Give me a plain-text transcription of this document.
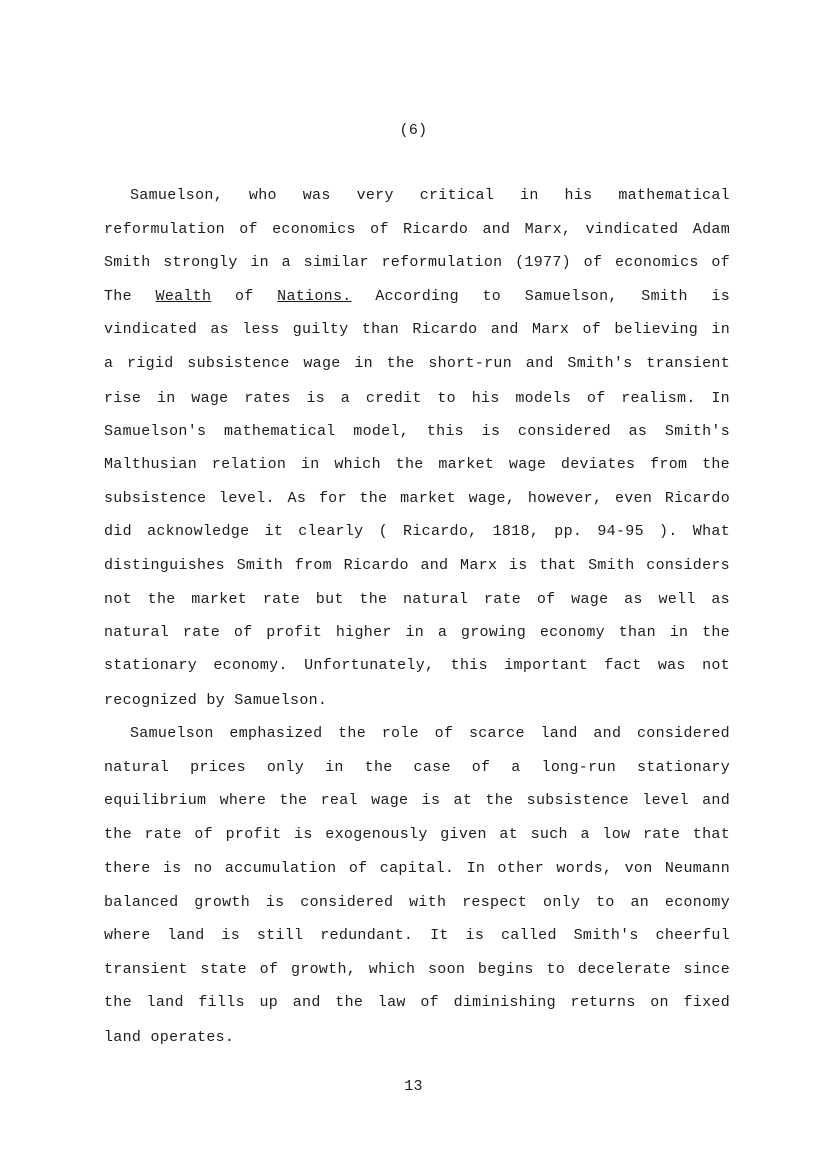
(6)
Samuelson, who was very critical in his mathematical
reformulation of economics of Ricardo and Marx, vindicated Adam
Smith strongly in a similar reformulation (1977) of economics of
The Wealth of Nations. According to Samuelson, Smith is
vindicated as less guilty than Ricardo and Marx of believing in
a rigid subsistence wage in the short-run and Smith's transient
rise in wage rates is a credit to his models of realism. In
Samuelson's mathematical model, this is considered as Smith's
Malthusian relation in which the market wage deviates from the
subsistence level. As for the market wage, however, even Ricardo
did acknowledge it clearly ( Ricardo, 1818, pp. 94-95 ). What
distinguishes Smith from Ricardo and Marx is that Smith considers
not the market rate but the natural rate of wage as well as
natural rate of profit higher in a growing economy than in the
stationary economy. Unfortunately, this important fact was not
recognized by Samuelson.
Samuelson emphasized the role of scarce land and considered
natural prices only in the case of a long-run stationary
equilibrium where the real wage is at the subsistence level and
the rate of profit is exogenously given at such a low rate that
there is no accumulation of capital. In other words, von Neumann
balanced growth is considered with respect only to an economy
where land is still redundant. It is called Smith's cheerful
transient state of growth, which soon begins to decelerate since
the land fills up and the law of diminishing returns on fixed
land operates.
13
